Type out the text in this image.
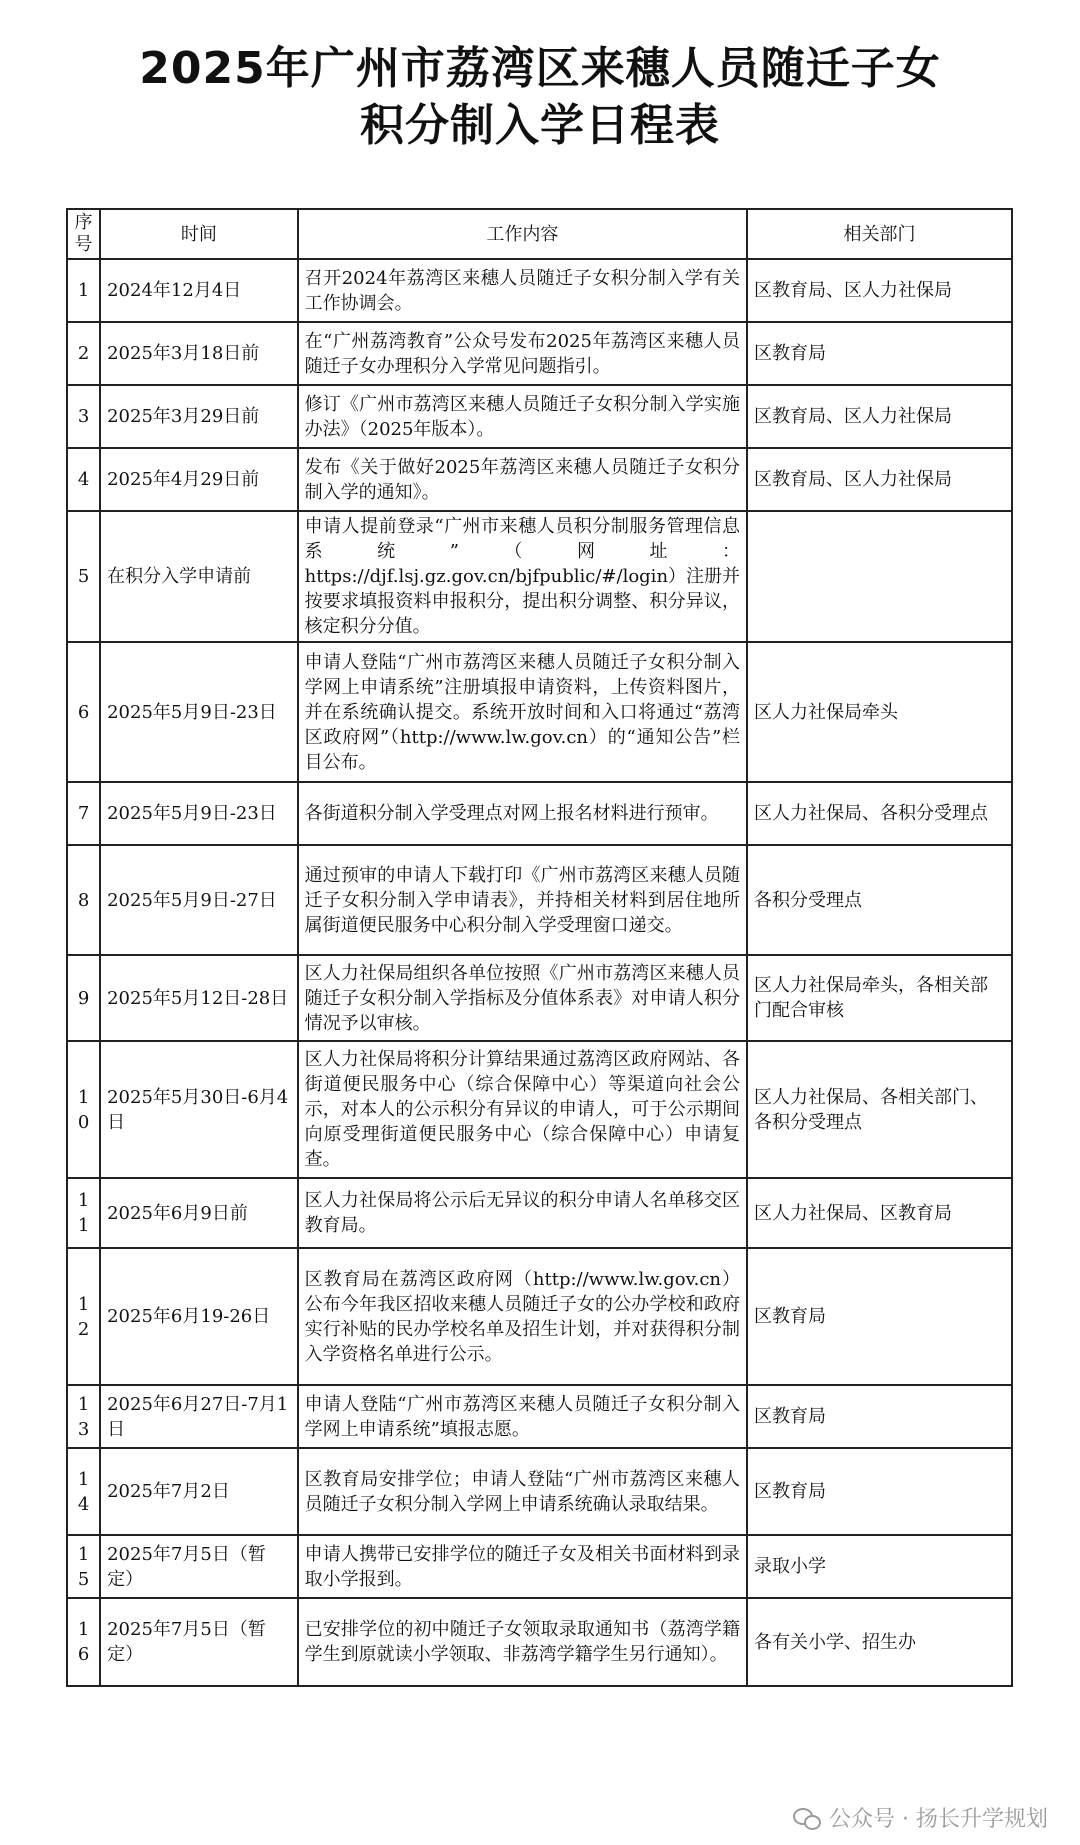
2025年广州市荔湾区来穗人员随迁子女
积分制入学日程表
序号	时间	工作内容	相关部门
1	2024年12月4日	召开2024年荔湾区来穗人员随迁子女积分制入学有关工作协调会。	区教育局、区人力社保局
2	2025年3月18日前	在“广州荔湾教育”公众号发布2025年荔湾区来穗人员随迁子女办理积分入学常见问题指引。	区教育局
3	2025年3月29日前	修订《广州市荔湾区来穗人员随迁子女积分制入学实施办法》（2025年版本）。	区教育局、区人力社保局
4	2025年4月29日前	发布《关于做好2025年荔湾区来穗人员随迁子女积分制入学的通知》。	区教育局、区人力社保局
5	在积分入学申请前	申请人提前登录“广州市来穗人员积分制服务管理信息系统”（网址：https://djf.lsj.gz.gov.cn/bjfpublic/#/login）注册并按要求填报资料申报积分，提出积分调整、积分异议，核定积分分值。	
6	2025年5月9日-23日	申请人登陆“广州市荔湾区来穗人员随迁子女积分制入学网上申请系统”注册填报申请资料，上传资料图片，并在系统确认提交。系统开放时间和入口将通过“荔湾区政府网”（http://www.lw.gov.cn）的“通知公告”栏目公布。	区人力社保局牵头
7	2025年5月9日-23日	各街道积分制入学受理点对网上报名材料进行预审。	区人力社保局、各积分受理点
8	2025年5月9日-27日	通过预审的申请人下载打印《广州市荔湾区来穗人员随迁子女积分制入学申请表》，并持相关材料到居住地所属街道便民服务中心积分制入学受理窗口递交。	各积分受理点
9	2025年5月12日-28日	区人力社保局组织各单位按照《广州市荔湾区来穗人员随迁子女积分制入学指标及分值体系表》对申请人积分情况予以审核。	区人力社保局牵头，各相关部门配合审核
10	2025年5月30日-6月4日	区人力社保局将积分计算结果通过荔湾区政府网站、各街道便民服务中心（综合保障中心）等渠道向社会公示，对本人的公示积分有异议的申请人，可于公示期间向原受理街道便民服务中心（综合保障中心）申请复查。	区人力社保局、各相关部门、各积分受理点
11	2025年6月9日前	区人力社保局将公示后无异议的积分申请人名单移交区教育局。	区人力社保局、区教育局
12	2025年6月19-26日	区教育局在荔湾区政府网（http://www.lw.gov.cn）公布今年我区招收来穗人员随迁子女的公办学校和政府实行补贴的民办学校名单及招生计划，并对获得积分制入学资格名单进行公示。	区教育局
13	2025年6月27日-7月1日	申请人登陆“广州市荔湾区来穗人员随迁子女积分制入学网上申请系统”填报志愿。	区教育局
14	2025年7月2日	区教育局安排学位；申请人登陆“广州市荔湾区来穗人员随迁子女积分制入学网上申请系统确认录取结果。	区教育局
15	2025年7月5日（暂定）	申请人携带已安排学位的随迁子女及相关书面材料到录取小学报到。	录取小学
16	2025年7月5日（暂定）	已安排学位的初中随迁子女领取录取通知书（荔湾学籍学生到原就读小学领取、非荔湾学籍学生另行通知）。	各有关小学、招生办
公众号 · 扬长升学规划
